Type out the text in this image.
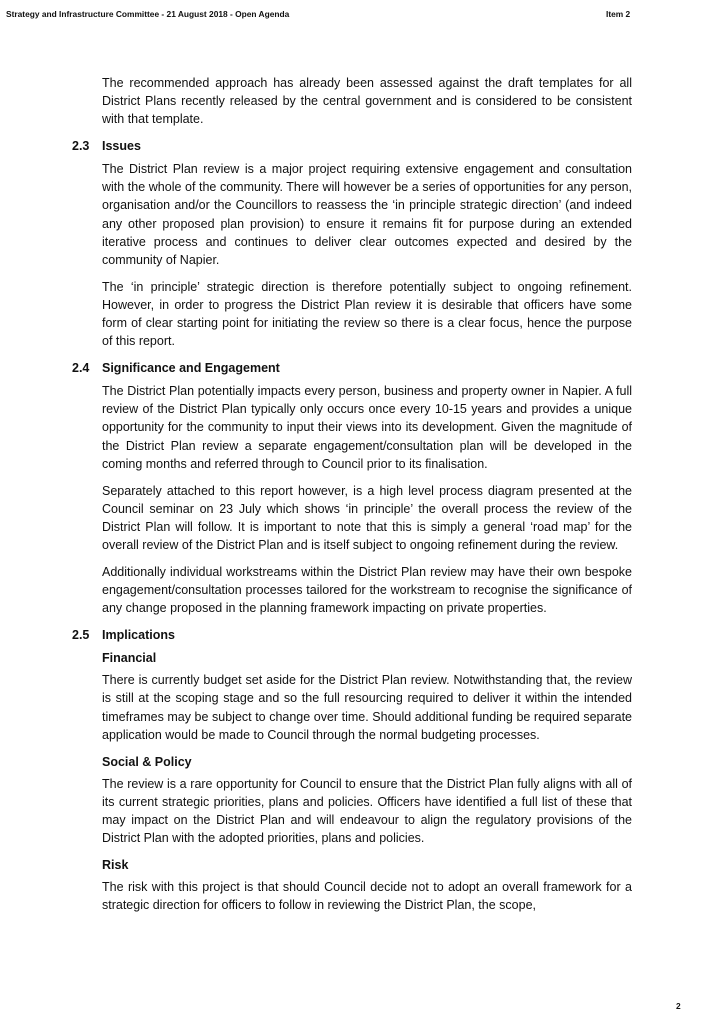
Strategy and Infrastructure Committee - 21 August 2018 - Open Agenda	Item 2

The recommended approach has already been assessed against the draft templates for all District Plans recently released by the central government and is considered to be consistent with that template.

2.3 Issues

The District Plan review is a major project requiring extensive engagement and consultation with the whole of the community. There will however be a series of opportunities for any person, organisation and/or the Councillors to reassess the ‘in principle strategic direction’ (and indeed any other proposed plan provision) to ensure it remains fit for purpose during an extended iterative process and continues to deliver clear outcomes expected and desired by the community of Napier.

The ‘in principle’ strategic direction is therefore potentially subject to ongoing refinement. However, in order to progress the District Plan review it is desirable that officers have some form of clear starting point for initiating the review so there is a clear focus, hence the purpose of this report.

2.4 Significance and Engagement

The District Plan potentially impacts every person, business and property owner in Napier. A full review of the District Plan typically only occurs once every 10-15 years and provides a unique opportunity for the community to input their views into its development. Given the magnitude of the District Plan review a separate engagement/consultation plan will be developed in the coming months and referred through to Council prior to its finalisation.

Separately attached to this report however, is a high level process diagram presented at the Council seminar on 23 July which shows ‘in principle’ the overall process the review of the District Plan will follow. It is important to note that this is simply a general ‘road map’ for the overall review of the District Plan and is itself subject to ongoing refinement during the review.

Additionally individual workstreams within the District Plan review may have their own bespoke engagement/consultation processes tailored for the workstream to recognise the significance of any change proposed in the planning framework impacting on private properties.

2.5 Implications
Financial

There is currently budget set aside for the District Plan review. Notwithstanding that, the review is still at the scoping stage and so the full resourcing required to deliver it within the intended timeframes may be subject to change over time. Should additional funding be required separate application would be made to Council through the normal budgeting processes.

Social & Policy

The review is a rare opportunity for Council to ensure that the District Plan fully aligns with all of its current strategic priorities, plans and policies. Officers have identified a full list of these that may impact on the District Plan and will endeavour to align the regulatory provisions of the District Plan with the adopted priorities, plans and policies.

Risk

The risk with this project is that should Council decide not to adopt an overall framework for a strategic direction for officers to follow in reviewing the District Plan, the scope,

2
